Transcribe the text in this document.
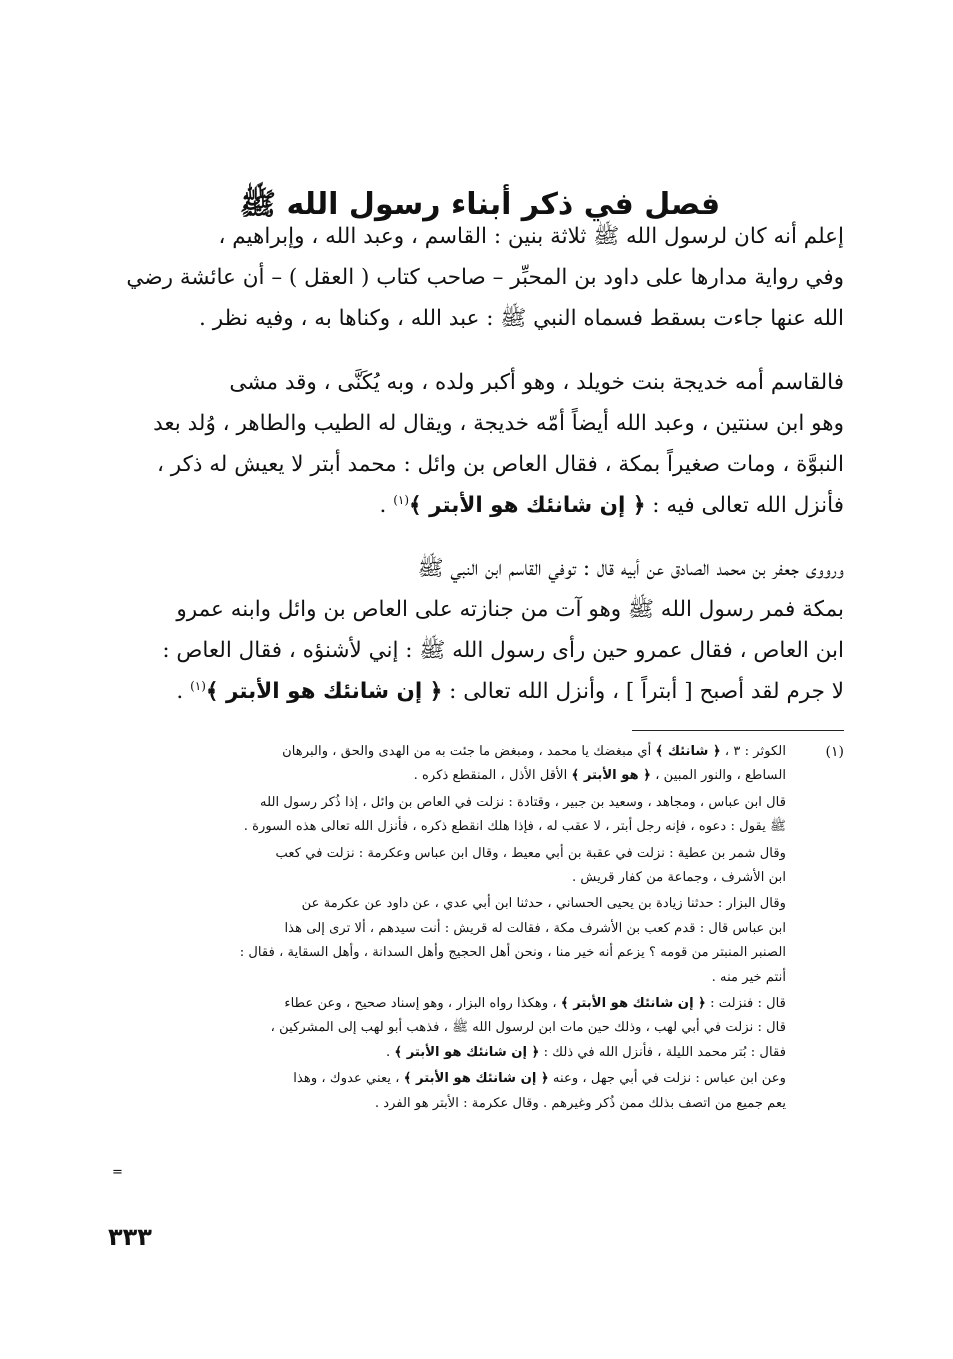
فصل في ذكر أبناء رسول الله ﷺ

إعلم أنه كان لرسول الله ﷺ ثلاثة بنين : القاسم ، وعبد الله ، وإبراهيم ،

وفي رواية مدارها على داود بن المحبِّر – صاحب كتاب ( العقل ) – أن عائشة رضي

الله عنها جاءت بسقط فسماه النبي ﷺ : عبد الله ، وكناها به ، وفيه نظر .

فالقاسم أمه خديجة بنت خويلد ، وهو أكبر ولده ، وبه يُكَنَّى ، وقد مشى

وهو ابن سنتين ، وعبد الله أيضاً أمّه خديجة ، ويقال له الطيب والطاهر ، وُلد بعد

النبوَّة ، ومات صغيراً بمكة ، فقال العاص بن وائل : محمد أبتر لا يعيش له ذكر ،

فأنزل الله تعالى فيه : ﴿ إن شانئك هو الأبتر ﴾$^{(١)}$ .

ورووى جعفر بن محمد الصادق عن أبيه قال : توفي القاسم ابن النبي ﷺ

بمكة فمر رسول الله ﷺ وهو آت من جنازته على العاص بن وائل وابنه عمرو

ابن العاص ، فقال عمرو حين رأى رسول الله ﷺ : إني لأشنؤه ، فقال العاص :

لا جرم لقد أصبح [ أبتراً ] ، وأنزل الله تعالى : ﴿ إن شانئك هو الأبتر ﴾$^{(١)}$ .

(١)

الكوثر : ٣ ، ﴿ شانئك ﴾ أي مبغضك يا محمد ، ومبغض ما جئت به من الهدى والحق ، والبرهان

الساطع ، والنور المبين ، ﴿ هو الأبتر ﴾ الأقل الأذل ، المنقطع ذكره .

قال ابن عباس ، ومجاهد ، وسعيد بن جبير ، وقتادة : نزلت في العاص بن وائل ، إذا ذُكر رسول الله

ﷺ يقول : دعوه ، فإنه رجل أبتر ، لا عقب له ، فإذا هلك انقطع ذكره ، فأنزل الله تعالى هذه السورة .

وقال شمر بن عطية : نزلت في عقبة بن أبي معيط ، وقال ابن عباس وعكرمة : نزلت في كعب

ابن الأشرف ، وجماعة من كفار قريش .

وقال البزار : حدثنا زيادة بن يحيى الحساني ، حدثنا ابن أبي عدي ، عن داود عن عكرمة عن

ابن عباس قال : قدم كعب بن الأشرف مكة ، فقالت له قريش : أنت سيدهم ، ألا ترى إلى هذا

الصنبر المنبتر من قومه ؟ يزعم أنه خير منا ، ونحن أهل الحجيج وأهل السدانة ، وأهل السقاية ، فقال :

أنتم خير منه .

قال : فنزلت : ﴿ إن شانئك هو الأبتر ﴾ ، وهكذا رواه البزار ، وهو إسناد صحيح ، وعن عطاء

قال : نزلت في أبي لهب ، وذلك حين مات ابن لرسول الله ﷺ ، فذهب أبو لهب إلى المشركين ،

فقال : بُتر محمد الليلة ، فأنزل الله في ذلك : ﴿ إن شانئك هو الأبتر ﴾ .

وعن ابن عباس : نزلت في أبي جهل ، وعنه ﴿ إن شانئك هو الأبتر ﴾ ، يعني عدوك ، وهذا

يعم جميع من اتصف بذلك ممن ذُكر وغيرهم . وقال عكرمة : الأبتر هو الفرد .

=
٣٣٣
